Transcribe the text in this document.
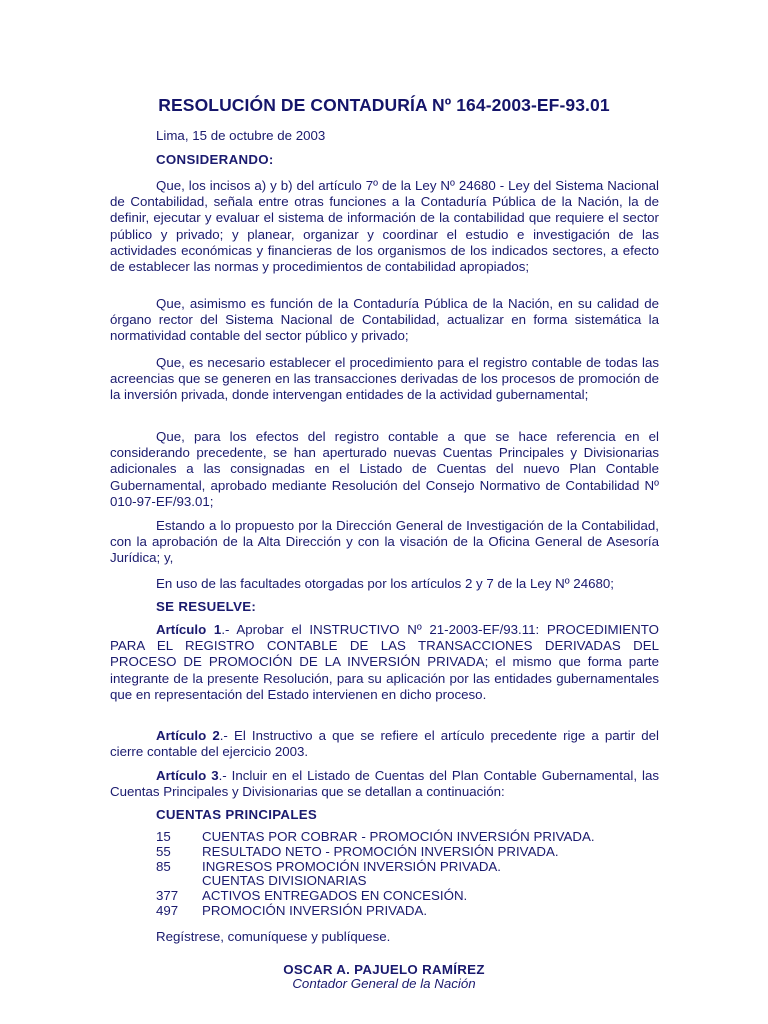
RESOLUCIÓN DE CONTADURÍA Nº 164-2003-EF-93.01
Lima, 15 de octubre de 2003
CONSIDERANDO:
Que, los incisos a) y b) del artículo 7º de la Ley Nº 24680 - Ley del Sistema Nacional de Contabilidad, señala entre otras funciones a la Contaduría Pública de la Nación, la de definir, ejecutar y evaluar el sistema de información de la contabilidad que requiere el sector público y privado; y planear, organizar y coordinar el estudio e investigación de las actividades económicas y financieras de los organismos de los indicados sectores, a efecto de establecer las normas y procedimientos de contabilidad apropiados;
Que, asimismo es función de la Contaduría Pública de la Nación, en su calidad de órgano rector del Sistema Nacional de Contabilidad, actualizar en forma sistemática la normatividad contable del sector público y privado;
Que, es necesario establecer el procedimiento para el registro contable de todas las acreencias que se generen en las transacciones derivadas de los procesos de promoción de la inversión privada, donde intervengan entidades de la actividad gubernamental;
Que, para los efectos del registro contable a que se hace referencia en el considerando precedente, se han aperturado nuevas Cuentas Principales y Divisionarias adicionales a las consignadas en el Listado de Cuentas del nuevo Plan Contable Gubernamental, aprobado mediante Resolución del Consejo Normativo de Contabilidad Nº 010-97-EF/93.01;
Estando a lo propuesto por la Dirección General de Investigación de la Contabilidad, con la aprobación de la Alta Dirección y con la visación de la Oficina General de Asesoría Jurídica; y,
En uso de las facultades otorgadas por los artículos 2 y 7 de la Ley Nº 24680;
SE RESUELVE:
Artículo 1.- Aprobar el INSTRUCTIVO Nº 21-2003-EF/93.11: PROCEDIMIENTO PARA EL REGISTRO CONTABLE DE LAS TRANSACCIONES DERIVADAS DEL PROCESO DE PROMOCIÓN DE LA INVERSIÓN PRIVADA; el mismo que forma parte integrante de la presente Resolución, para su aplicación por las entidades gubernamentales que en representación del Estado intervienen en dicho proceso.
Artículo 2.- El Instructivo a que se refiere el artículo precedente rige a partir del cierre contable del ejercicio 2003.
Artículo 3.- Incluir en el Listado de Cuentas del Plan Contable Gubernamental, las Cuentas Principales y Divisionarias que se detallan a continuación:
CUENTAS PRINCIPALES
15	CUENTAS POR COBRAR - PROMOCIÓN INVERSIÓN PRIVADA.
55	RESULTADO NETO - PROMOCIÓN INVERSIÓN PRIVADA.
85	INGRESOS PROMOCIÓN INVERSIÓN PRIVADA.
CUENTAS DIVISIONARIAS
377	ACTIVOS ENTREGADOS EN CONCESIÓN.
497	PROMOCIÓN INVERSIÓN PRIVADA.
Regístrese, comuníquese y publíquese.
OSCAR A. PAJUELO RAMÍREZ
Contador General de la Nación
